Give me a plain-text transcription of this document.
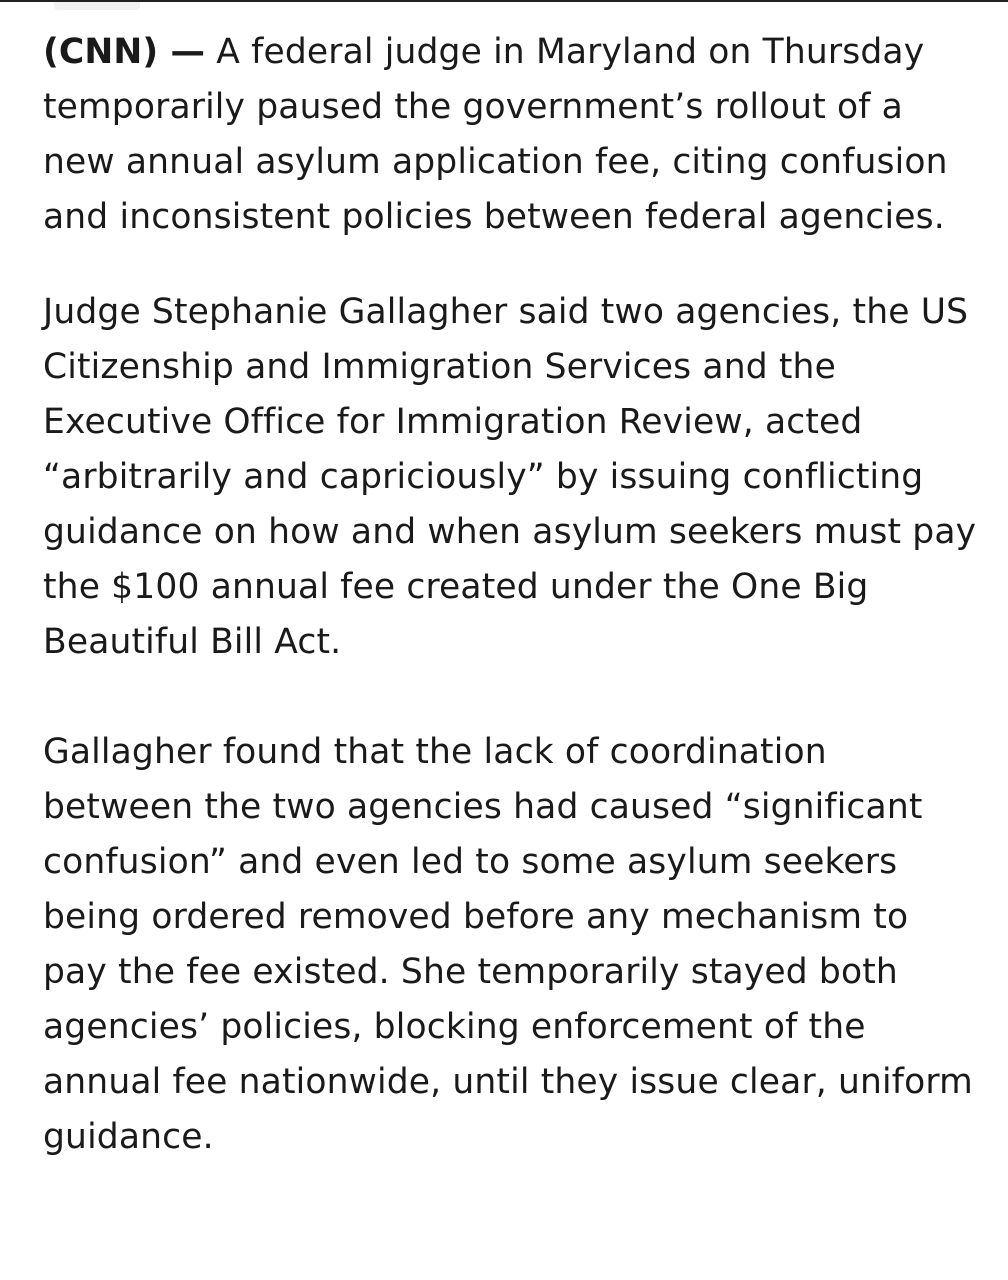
(CNN) — A federal judge in Maryland on Thursday temporarily paused the government’s rollout of a new annual asylum application fee, citing confusion and inconsistent policies between federal agencies.

Judge Stephanie Gallagher said two agencies, the US Citizenship and Immigration Services and the Executive Office for Immigration Review, acted “arbitrarily and capriciously” by issuing conflicting guidance on how and when asylum seekers must pay the $100 annual fee created under the One Big Beautiful Bill Act.

Gallagher found that the lack of coordination between the two agencies had caused “significant confusion” and even led to some asylum seekers being ordered removed before any mechanism to pay the fee existed. She temporarily stayed both agencies’ policies, blocking enforcement of the annual fee nationwide, until they issue clear, uniform guidance.
